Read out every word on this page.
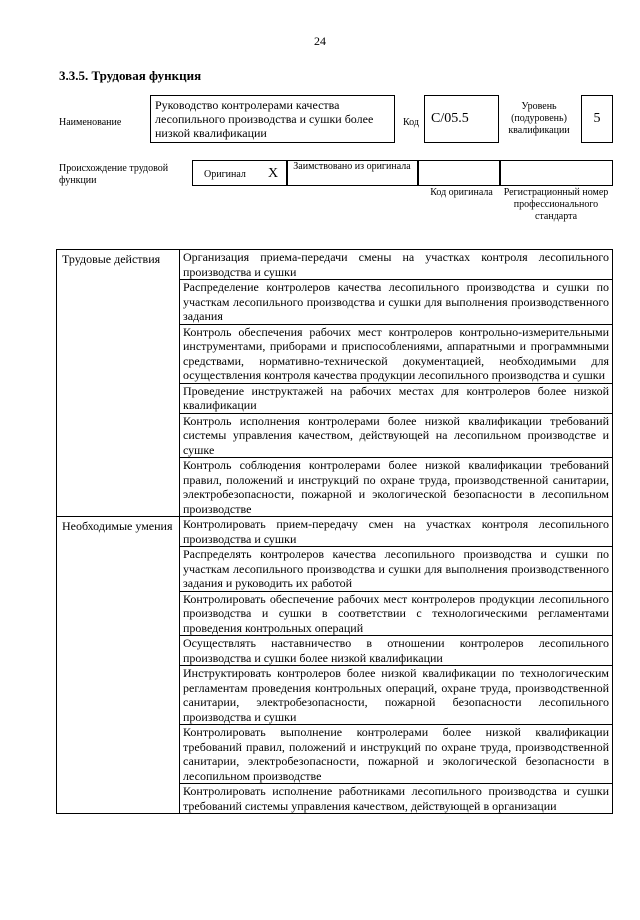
24
3.3.5. Трудовая функция
Наименование
Руководство контролерами качества лесопильного производства и сушки более низкой квалификации
Код С/05.5
Уровень (подуровень) квалификации
5
Происхождение трудовой функции
Оригинал X	Заимствовано из оригинала
Код оригинала	Регистрационный номер профессионального стандарта
Трудовые действия	Организация приема-передачи смены на участках контроля лесопильного производства и сушки
	Распределение контролеров качества лесопильного производства и сушки по участкам лесопильного производства и сушки для выполнения производственного задания
	Контроль обеспечения рабочих мест контролеров контрольно-измерительными инструментами, приборами и приспособлениями, аппаратными и программными средствами, нормативно-технической документацией, необходимыми для осуществления контроля качества продукции лесопильного производства и сушки
	Проведение инструктажей на рабочих местах для контролеров более низкой квалификации
	Контроль исполнения контролерами более низкой квалификации требований системы управления качеством, действующей на лесопильном производстве и сушке
	Контроль соблюдения контролерами более низкой квалификации требований правил, положений и инструкций по охране труда, производственной санитарии, электробезопасности, пожарной и экологической безопасности в лесопильном производстве
Необходимые умения	Контролировать прием-передачу смен на участках контроля лесопильного производства и сушки
	Распределять контролеров качества лесопильного производства и сушки по участкам лесопильного производства и сушки для выполнения производственного задания и руководить их работой
	Контролировать обеспечение рабочих мест контролеров продукции лесопильного производства и сушки в соответствии с технологическими регламентами проведения контрольных операций
	Осуществлять наставничество в отношении контролеров лесопильного производства и сушки более низкой квалификации
	Инструктировать контролеров более низкой квалификации по технологическим регламентам проведения контрольных операций, охране труда, производственной санитарии, электробезопасности, пожарной безопасности лесопильного производства и сушки
	Контролировать выполнение контролерами более низкой квалификации требований правил, положений и инструкций по охране труда, производственной санитарии, электробезопасности, пожарной и экологической безопасности в лесопильном производстве
	Контролировать исполнение работниками лесопильного производства и сушки требований системы управления качеством, действующей в организации
